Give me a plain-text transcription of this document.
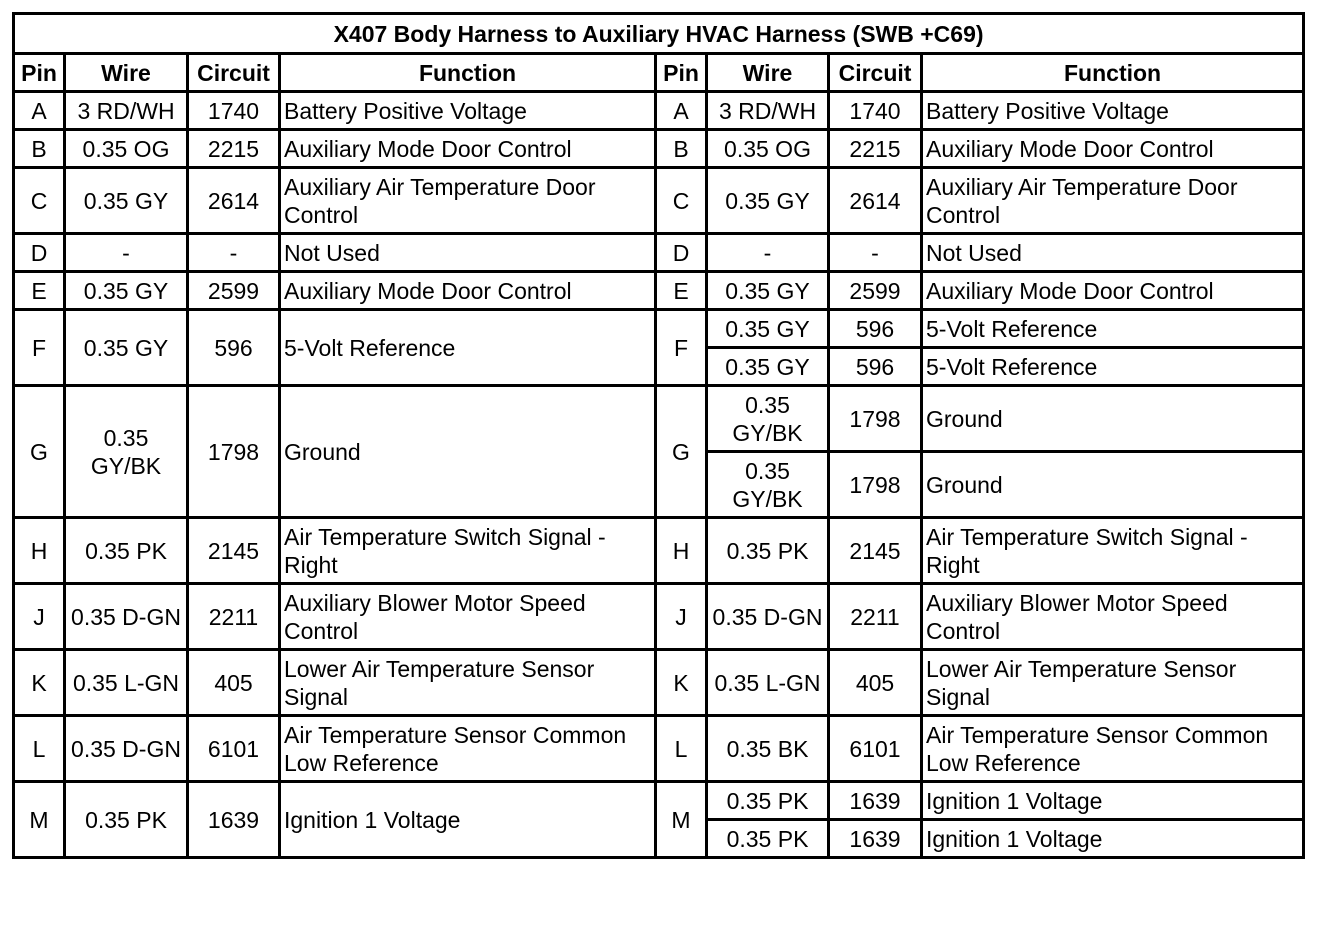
X407 Body Harness to Auxiliary HVAC Harness (SWB +C69)							
Pin	Wire	Circuit	Function	Pin	Wire	Circuit	Function
A	3 RD/WH	1740	Battery Positive Voltage	A	3 RD/WH	1740	Battery Positive Voltage
B	0.35 OG	2215	Auxiliary Mode Door Control	B	0.35 OG	2215	Auxiliary Mode Door Control
C	0.35 GY	2614	Auxiliary Air Temperature Door Control	C	0.35 GY	2614	Auxiliary Air Temperature Door Control
D	-	-	Not Used	D	-	-	Not Used
E	0.35 GY	2599	Auxiliary Mode Door Control	E	0.35 GY	2599	Auxiliary Mode Door Control
F	0.35 GY	596	5-Volt Reference	F	0.35 GY	596	5-Volt Reference
					0.35 GY	596	5-Volt Reference
G	0.35 GY/BK	1798	Ground	G	0.35 GY/BK	1798	Ground
					0.35 GY/BK	1798	Ground
H	0.35 PK	2145	Air Temperature Switch Signal - Right	H	0.35 PK	2145	Air Temperature Switch Signal - Right
J	0.35 D-GN	2211	Auxiliary Blower Motor Speed Control	J	0.35 D-GN	2211	Auxiliary Blower Motor Speed Control
K	0.35 L-GN	405	Lower Air Temperature Sensor Signal	K	0.35 L-GN	405	Lower Air Temperature Sensor Signal
L	0.35 D-GN	6101	Air Temperature Sensor Common Low Reference	L	0.35 BK	6101	Air Temperature Sensor Common Low Reference
M	0.35 PK	1639	Ignition 1 Voltage	M	0.35 PK	1639	Ignition 1 Voltage
					0.35 PK	1639	Ignition 1 Voltage
